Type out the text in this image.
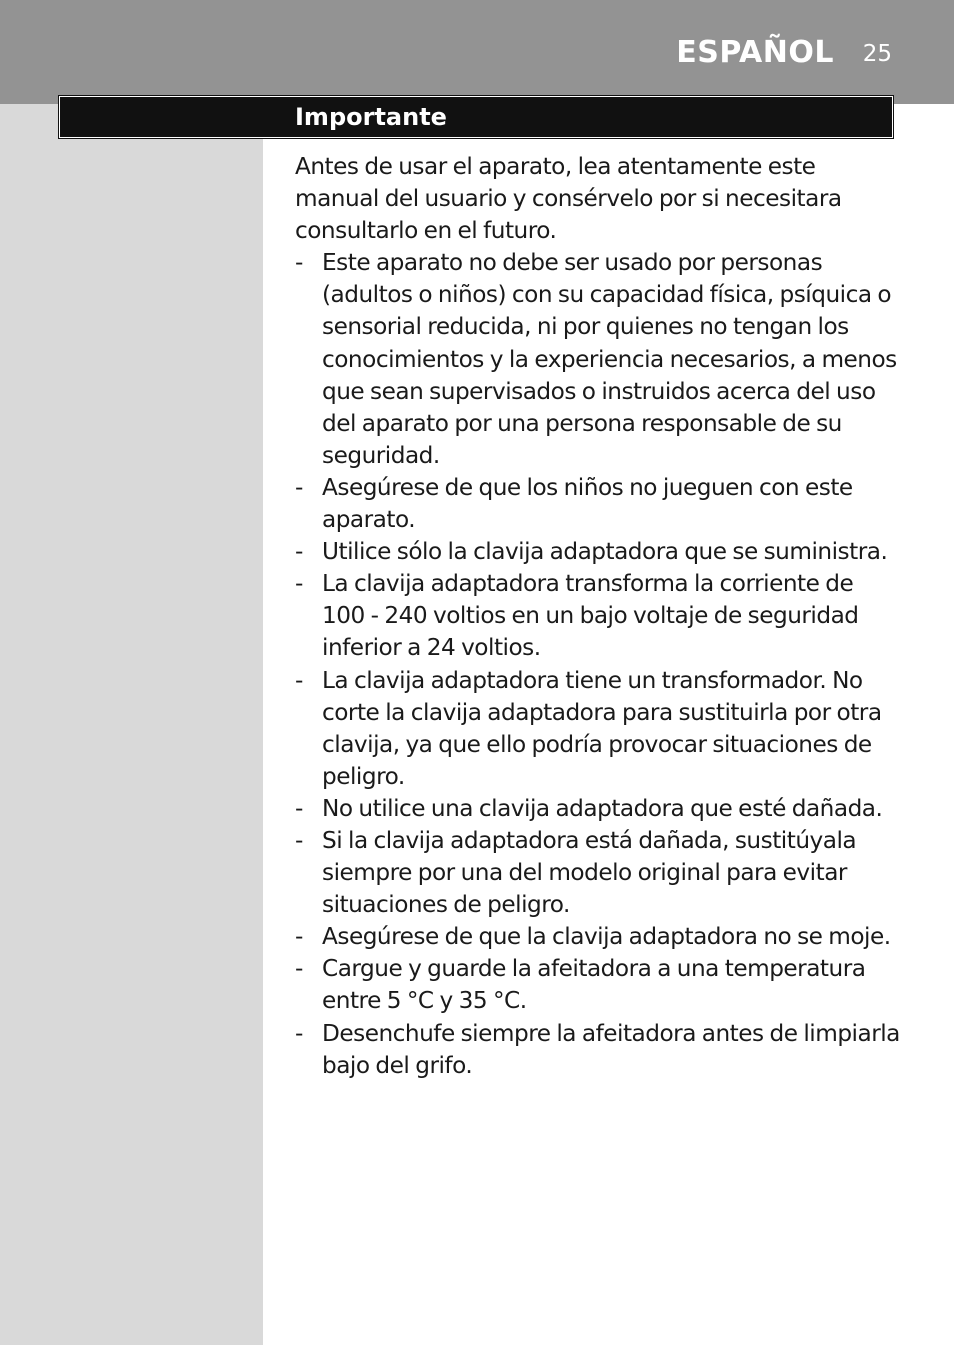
ESPAÑOL 25
Importante

Antes de usar el aparato, lea atentamente este manual del usuario y consérvelo por si necesitara consultarlo en el futuro.

- Este aparato no debe ser usado por personas (adultos o niños) con su capacidad física, psíquica o sensorial reducida, ni por quienes no tengan los conocimientos y la experiencia necesarios, a menos que sean supervisados o instruidos acerca del uso del aparato por una persona responsable de su seguridad.
- Asegúrese de que los niños no jueguen con este aparato.
- Utilice sólo la clavija adaptadora que se suministra.
- La clavija adaptadora transforma la corriente de 100 - 240 voltios en un bajo voltaje de seguridad inferior a 24 voltios.
- La clavija adaptadora tiene un transformador. No corte la clavija adaptadora para sustituirla por otra clavija, ya que ello podría provocar situaciones de peligro.
- No utilice una clavija adaptadora que esté dañada.
- Si la clavija adaptadora está dañada, sustitúyala siempre por una del modelo original para evitar situaciones de peligro.
- Asegúrese de que la clavija adaptadora no se moje.
- Cargue y guarde la afeitadora a una temperatura entre 5 °C y 35 °C.
- Desenchufe siempre la afeitadora antes de limpiarla bajo del grifo.
